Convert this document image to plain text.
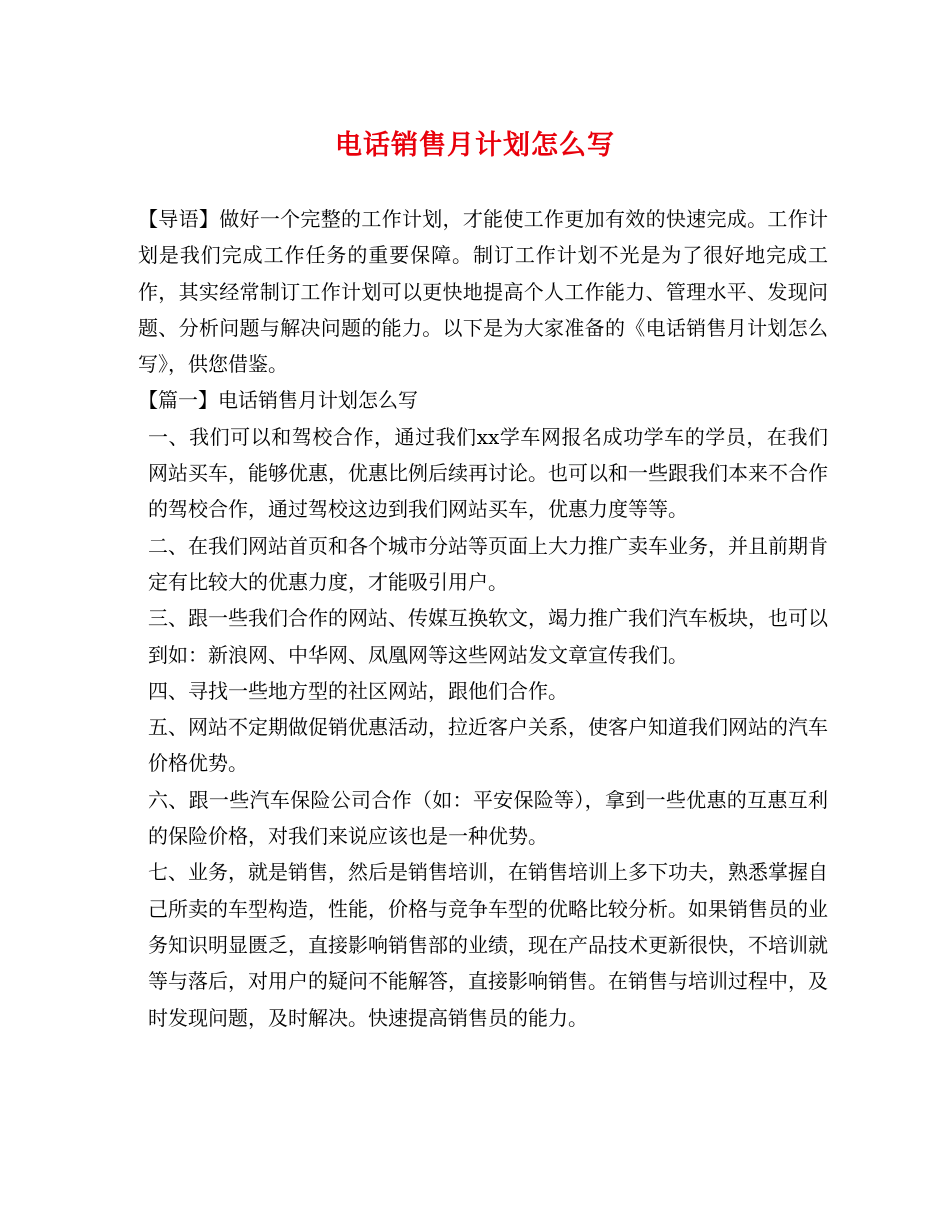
电话销售月计划怎么写

【导语】做好一个完整的工作计划，才能使工作更加有效的快速完成。工作计划是我们完成工作任务的重要保障。制订工作计划不光是为了很好地完成工作，其实经常制订工作计划可以更快地提高个人工作能力、管理水平、发现问题、分析问题与解决问题的能力。以下是为大家准备的《电话销售月计划怎么写》，供您借鉴。

【篇一】电话销售月计划怎么写

一、我们可以和驾校合作，通过我们xx学车网报名成功学车的学员，在我们网站买车，能够优惠，优惠比例后续再讨论。也可以和一些跟我们本来不合作的驾校合作，通过驾校这边到我们网站买车，优惠力度等等。

二、在我们网站首页和各个城市分站等页面上大力推广卖车业务，并且前期肯定有比较大的优惠力度，才能吸引用户。

三、跟一些我们合作的网站、传媒互换软文，竭力推广我们汽车板块，也可以到如：新浪网、中华网、凤凰网等这些网站发文章宣传我们。

四、寻找一些地方型的社区网站，跟他们合作。

五、网站不定期做促销优惠活动，拉近客户关系，使客户知道我们网站的汽车价格优势。

六、跟一些汽车保险公司合作（如：平安保险等），拿到一些优惠的互惠互利的保险价格，对我们来说应该也是一种优势。

七、业务，就是销售，然后是销售培训，在销售培训上多下功夫，熟悉掌握自己所卖的车型构造，性能，价格与竞争车型的优略比较分析。如果销售员的业务知识明显匮乏，直接影响销售部的业绩，现在产品技术更新很快，不培训就等与落后，对用户的疑问不能解答，直接影响销售。在销售与培训过程中，及时发现问题，及时解决。快速提高销售员的能力。
